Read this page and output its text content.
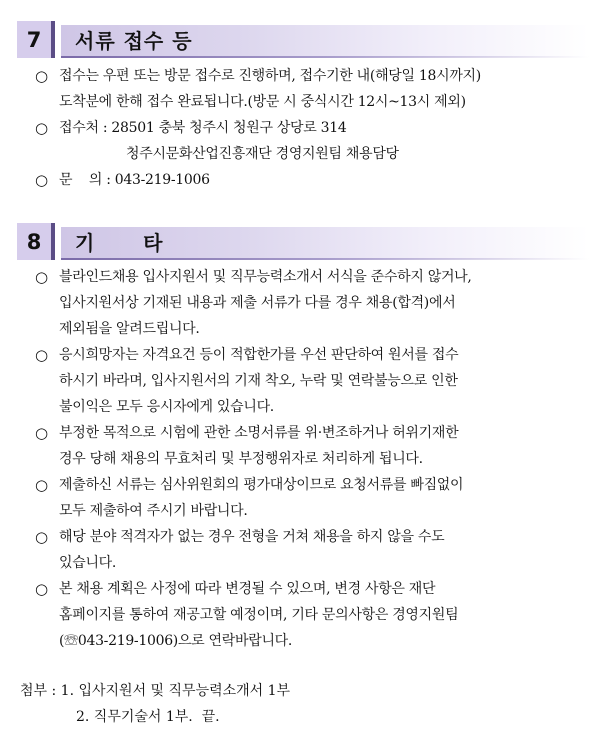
7	서류 접수 등
○ 접수는 우편 또는 방문 접수로 진행하며, 접수기한 내(해당일 18시까지)
도착분에 한해 접수 완료됩니다.(방문 시 중식시간 12시~13시 제외)
○ 접수처 : 28501 충북 청주시 청원구 상당로 314
청주시문화산업진흥재단 경영지원팀 채용담당
○ 문    의 : 043-219-1006
8	기      타
○ 블라인드채용 입사지원서 및 직무능력소개서 서식을 준수하지 않거나,
입사지원서상 기재된 내용과 제출 서류가 다를 경우 채용(합격)에서
제외됨을 알려드립니다.
○ 응시희망자는 자격요건 등이 적합한가를 우선 판단하여 원서를 접수
하시기 바라며, 입사지원서의 기재 착오, 누락 및 연락불능으로 인한
불이익은 모두 응시자에게 있습니다.
○ 부정한 목적으로 시험에 관한 소명서류를 위·변조하거나 허위기재한
경우 당해 채용의 무효처리 및 부정행위자로 처리하게 됩니다.
○ 제출하신 서류는 심사위원회의 평가대상이므로 요청서류를 빠짐없이
모두 제출하여 주시기 바랍니다.
○ 해당 분야 적격자가 없는 경우 전형을 거쳐 채용을 하지 않을 수도
있습니다.
○ 본 채용 계획은 사정에 따라 변경될 수 있으며, 변경 사항은 재단
홈페이지를 통하여 재공고할 예정이며, 기타 문의사항은 경영지원팀
(☏043-219-1006)으로 연락바랍니다.
첨부 : 1. 입사지원서 및 직무능력소개서 1부
2. 직무기술서 1부.  끝.
